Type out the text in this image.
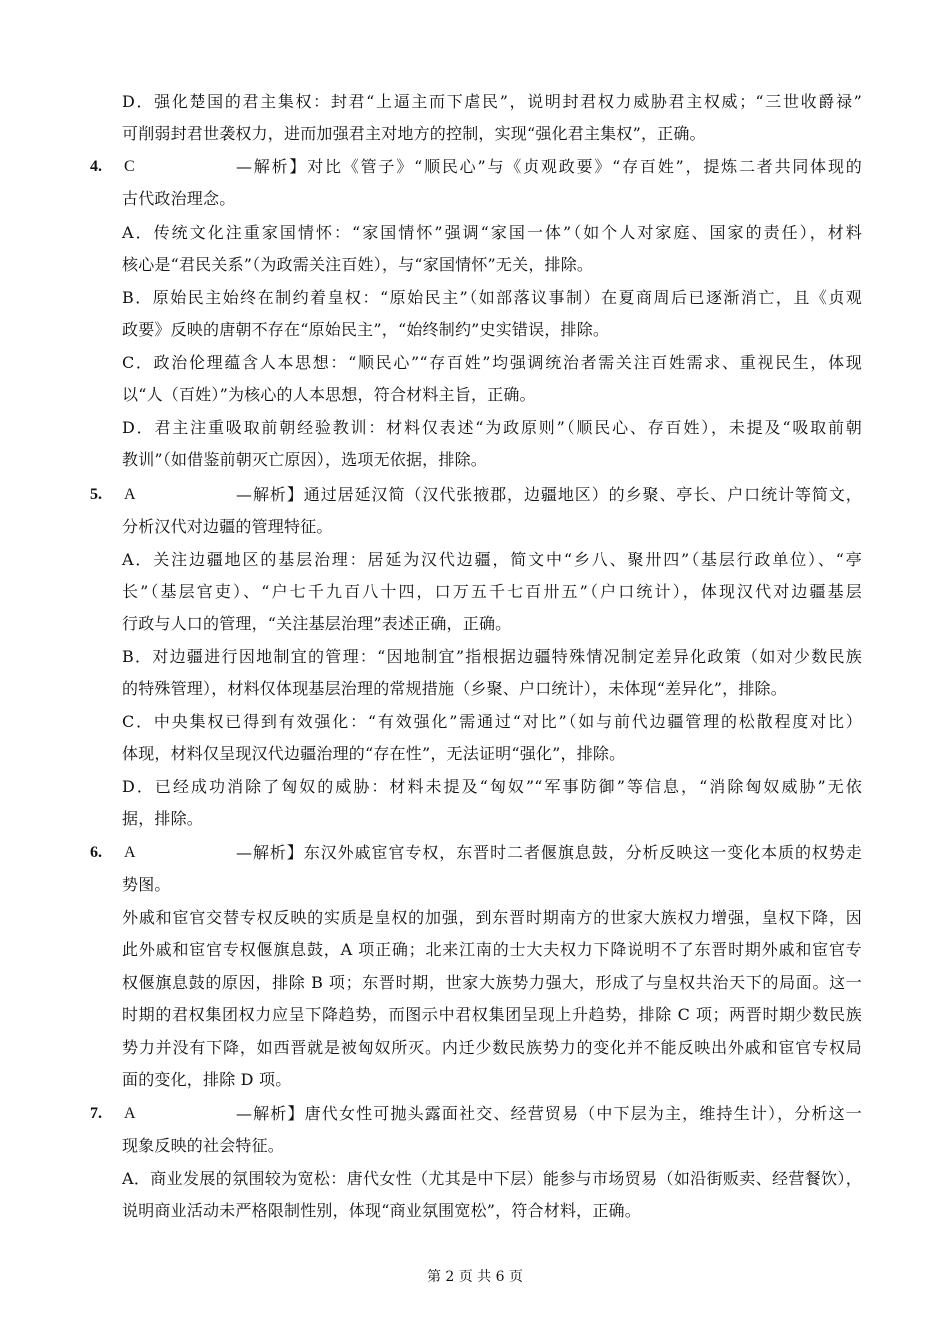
D．强化楚国的君主集权：封君“上逼主而下虐民”，说明封君权力威胁君主权威；“三世收爵禄”
可削弱封君世袭权力，进而加强君主对地方的控制，实现“强化君主集权”，正确。
4. C	—解析】对比《管子》“顺民心”与《贞观政要》“存百姓”，提炼二者共同体现的
古代政治理念。
A．传统文化注重家国情怀：“家国情怀”强调“家国一体”（如个人对家庭、国家的责任），材料
核心是“君民关系”（为政需关注百姓），与“家国情怀”无关，排除。
B．原始民主始终在制约着皇权：“原始民主”（如部落议事制）在夏商周后已逐渐消亡，且《贞观
政要》反映的唐朝不存在“原始民主”，“始终制约”史实错误，排除。
C．政治伦理蕴含人本思想：“顺民心”“存百姓”均强调统治者需关注百姓需求、重视民生，体现
以“人（百姓）”为核心的人本思想，符合材料主旨，正确。
D．君主注重吸取前朝经验教训：材料仅表述“为政原则”（顺民心、存百姓），未提及“吸取前朝
教训”（如借鉴前朝灭亡原因），选项无依据，排除。
5. A	—解析】通过居延汉简（汉代张掖郡，边疆地区）的乡聚、亭长、户口统计等简文，
分析汉代对边疆的管理特征。
A．关注边疆地区的基层治理：居延为汉代边疆，简文中“乡八、聚卅四”（基层行政单位）、“亭
长”（基层官吏）、“户七千九百八十四，口万五千七百卅五”（户口统计），体现汉代对边疆基层
行政与人口的管理，“关注基层治理”表述正确，正确。
B．对边疆进行因地制宜的管理：“因地制宜”指根据边疆特殊情况制定差异化政策（如对少数民族
的特殊管理），材料仅体现基层治理的常规措施（乡聚、户口统计），未体现“差异化”，排除。
C．中央集权已得到有效强化：“有效强化”需通过“对比”（如与前代边疆管理的松散程度对比）
体现，材料仅呈现汉代边疆治理的“存在性”，无法证明“强化”，排除。
D．已经成功消除了匈奴的威胁：材料未提及“匈奴”“军事防御”等信息，“消除匈奴威胁”无依
据，排除。
6. A	—解析】东汉外戚宦官专权，东晋时二者偃旗息鼓，分析反映这一变化本质的权势走
势图。
外戚和宦官交替专权反映的实质是皇权的加强，到东晋时期南方的世家大族权力增强，皇权下降，因
此外戚和宦官专权偃旗息鼓，A 项正确；北来江南的士大夫权力下降说明不了东晋时期外戚和宦官专
权偃旗息鼓的原因，排除 B 项；东晋时期，世家大族势力强大，形成了与皇权共治天下的局面。这一
时期的君权集团权力应呈下降趋势，而图示中君权集团呈现上升趋势，排除 C 项；两晋时期少数民族
势力并没有下降，如西晋就是被匈奴所灭。内迁少数民族势力的变化并不能反映出外戚和宦官专权局
面的变化，排除 D 项。
7. A	—解析】唐代女性可抛头露面社交、经营贸易（中下层为主，维持生计），分析这一
现象反映的社会特征。
A．商业发展的氛围较为宽松：唐代女性（尤其是中下层）能参与市场贸易（如沿街贩卖、经营餐饮），
说明商业活动未严格限制性别，体现“商业氛围宽松”，符合材料，正确。
第 2 页 共 6 页
